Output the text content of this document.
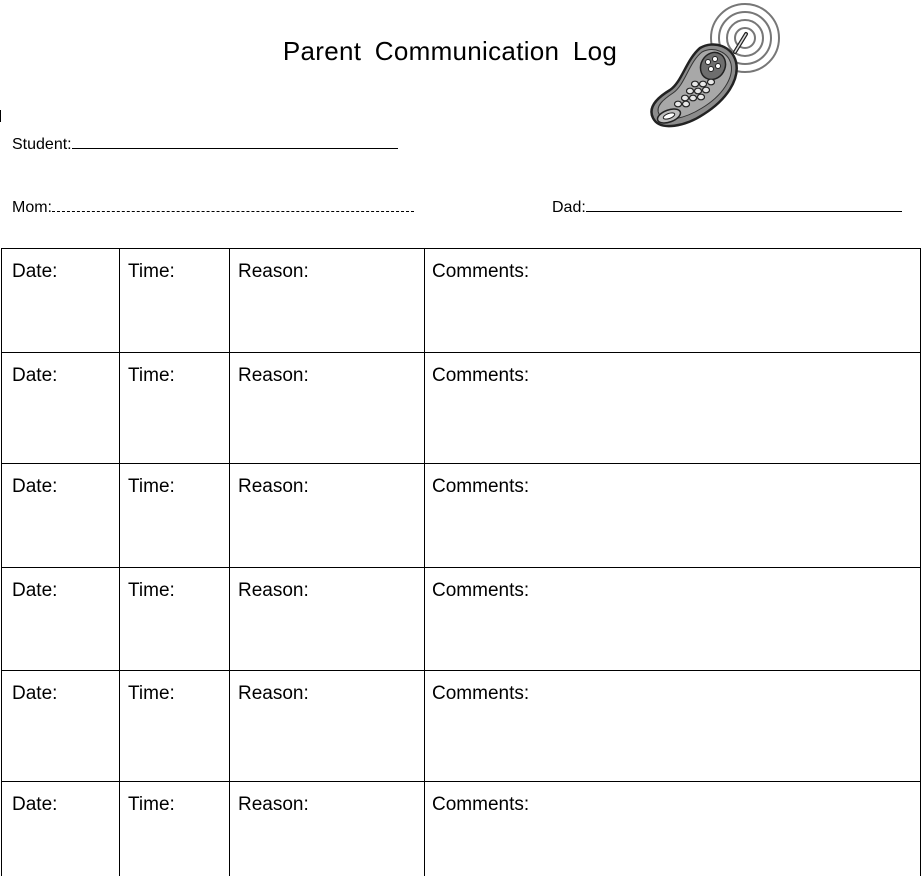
Parent Communication Log
Student:
Mom:	Dad:
Date:	Time:	Reason:	Comments:
Date:	Time:	Reason:	Comments:
Date:	Time:	Reason:	Comments:
Date:	Time:	Reason:	Comments:
Date:	Time:	Reason:	Comments:
Date:	Time:	Reason:	Comments:
